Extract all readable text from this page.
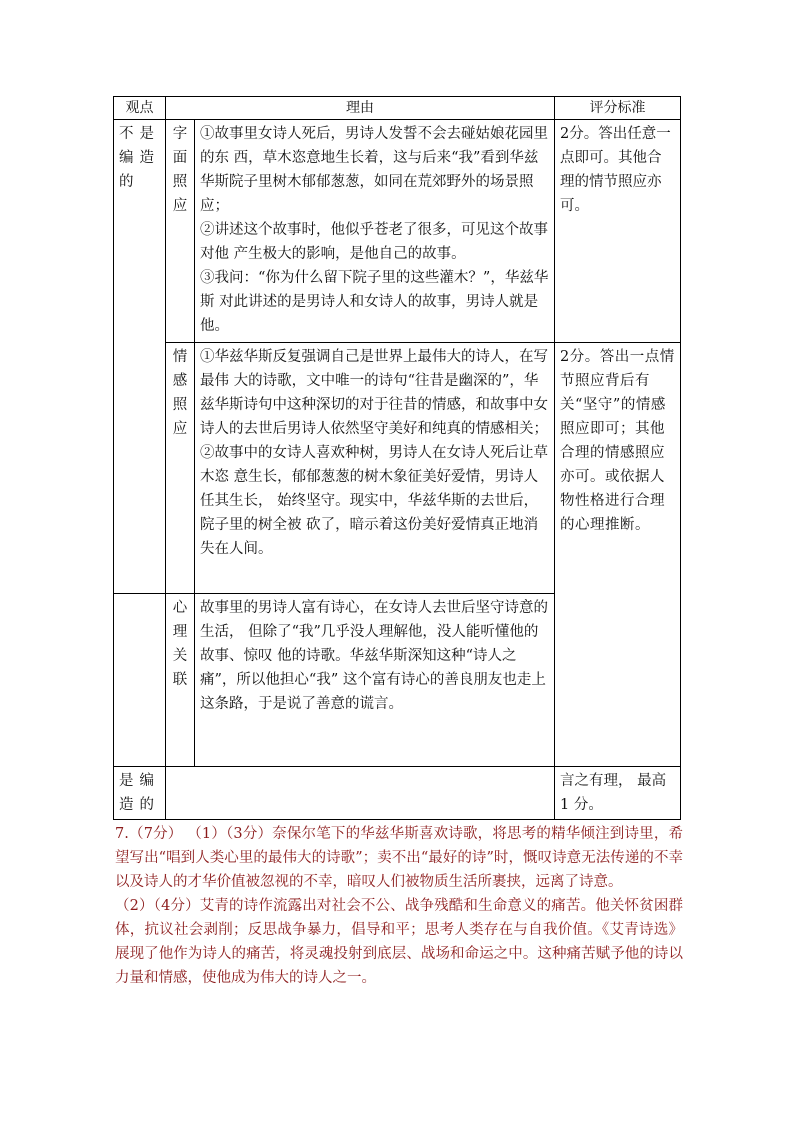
观点	理由		评分标准
不是编造的	字面照应	①故事里女诗人死后，男诗人发誓不会去碰姑娘花园里的东 西，草木恣意地生长着，这与后来“我”看到华兹华斯院子里树木郁郁葱葱，如同在荒郊野外的场景照应；
②讲述这个故事时，他似乎苍老了很多，可见这个故事对他 产生极大的影响，是他自己的故事。
③我问：“你为什么留下院子里的这些灌木？”，华兹华斯 对此讲述的是男诗人和女诗人的故事，男诗人就是他。	2分。答出任意一点即可。其他合理的情节照应亦可。
	情感照应	①华兹华斯反复强调自己是世界上最伟大的诗人，在写最伟 大的诗歌，文中唯一的诗句“往昔是幽深的”，华兹华斯诗句中这种深切的对于往昔的情感，和故事中女诗人的去世后男诗人依然坚守美好和纯真的情感相关；
②故事中的女诗人喜欢种树，男诗人在女诗人死后让草木恣 意生长，郁郁葱葱的树木象征美好爱情，男诗人任其生长， 始终坚守。现实中，华兹华斯的去世后，院子里的树全被 砍了，暗示着这份美好爱情真正地消失在人间。	2分。答出一点情节照应背后有关“坚守”的情感照应即可；其他合理的情感照应亦可。或依据人物性格进行合理的心理推断。
	心理关联	故事里的男诗人富有诗心，在女诗人去世后坚守诗意的生活， 但除了“我”几乎没人理解他，没人能听懂他的故事、惊叹 他的诗歌。华兹华斯深知这种“诗人之痛”，所以他担心“我” 这个富有诗心的善良朋友也走上这条路，于是说了善意的谎言。	

是编造的			言之有理， 最高 1 分。

7.（7分） （1）（3分）奈保尔笔下的华兹华斯喜欢诗歌，将思考的精华倾注到诗里，希望写出“唱到人类心里的最伟大的诗歌”；卖不出“最好的诗”时，慨叹诗意无法传递的不幸以及诗人的才华价值被忽视的不幸，暗叹人们被物质生活所裹挟，远离了诗意。

（2）（4分）艾青的诗作流露出对社会不公、战争残酷和生命意义的痛苦。他关怀贫困群体，抗议社会剥削；反思战争暴力，倡导和平；思考人类存在与自我价值。《艾青诗选》展现了他作为诗人的痛苦，将灵魂投射到底层、战场和命运之中。这种痛苦赋予他的诗以力量和情感，使他成为伟大的诗人之一。
